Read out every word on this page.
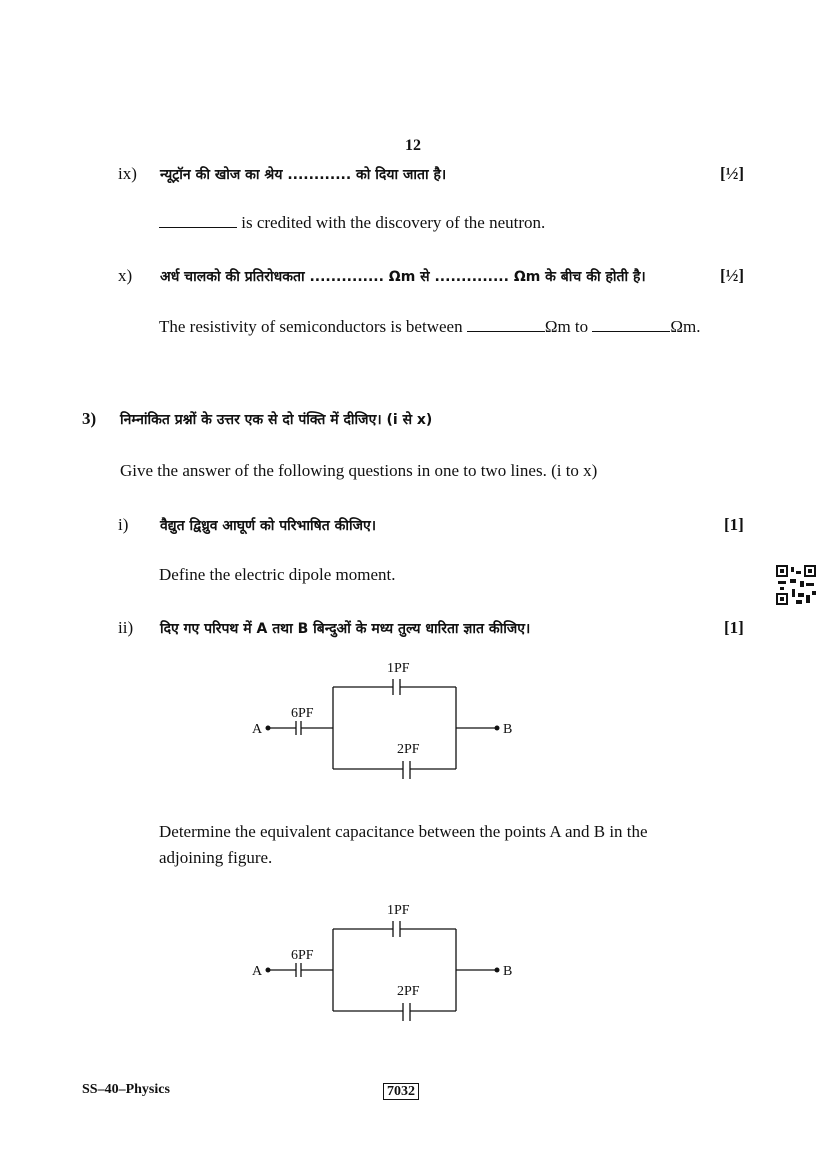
12
ix) न्यूट्रॉन की खोज का श्रेय ............ को दिया जाता है।	[½]
is credited with the discovery of the neutron.
x) अर्ध चालको की प्रतिरोधकता .............. Ωm से .............. Ωm के बीच की होती है।	[½]
The resistivity of semiconductors is between	Ωm to	Ωm.
3) निम्नांकित प्रश्नों के उत्तर एक से दो पंक्ति में दीजिए। (i से x)
Give the answer of the following questions in one to two lines. (i to x)
i) वैद्युत द्विध्रुव आघूर्ण को परिभाषित कीजिए।	[1]
Define the electric dipole moment.
ii) दिए गए परिपथ में A तथा B बिन्दुओं के मध्य तुल्य धारिता ज्ञात कीजिए।	[1]
A	B
1PF
2PF
6PF
Determine the equivalent capacitance between the points A and B in the
adjoining figure.
A	B
1PF
2PF
6PF
SS–40–Physics	7032
